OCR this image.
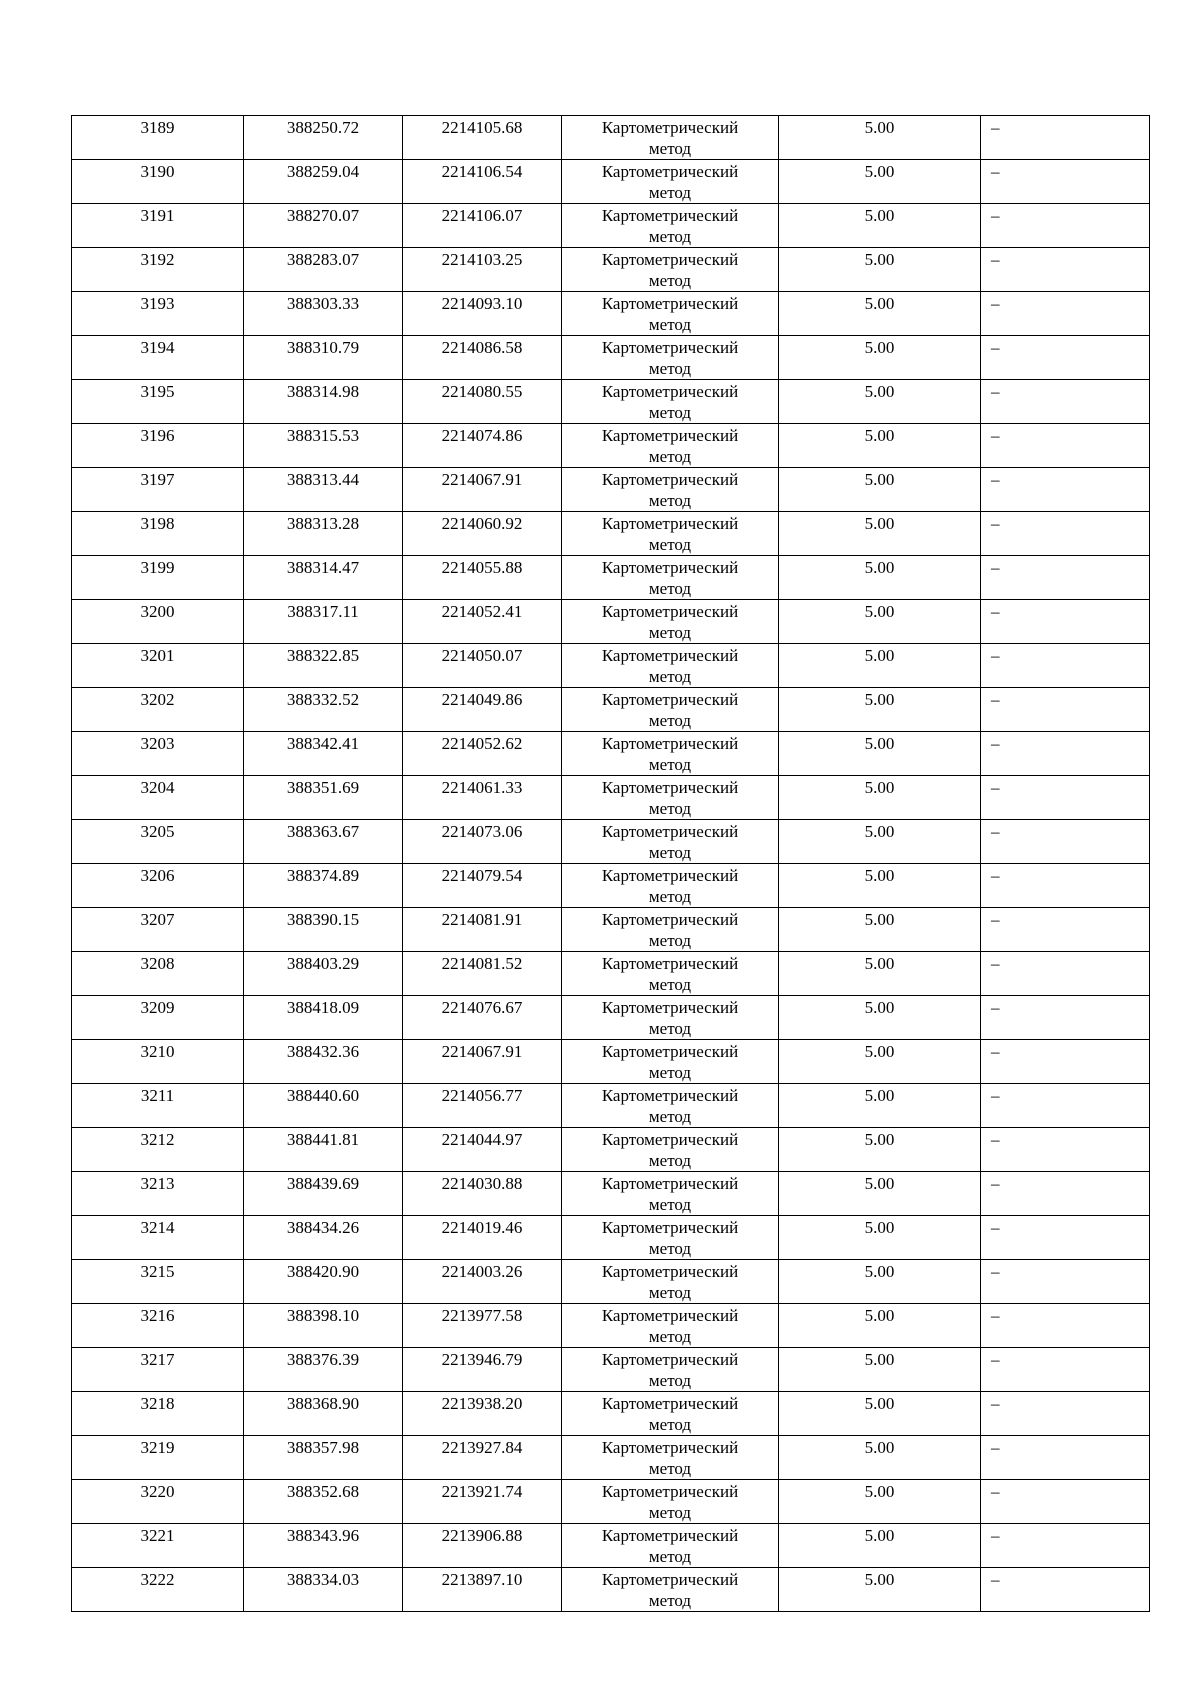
3189	388250.72	2214105.68	Картометрический метод	5.00	–

3190	388259.04	2214106.54	Картометрический метод	5.00	–

3191	388270.07	2214106.07	Картометрический метод	5.00	–

3192	388283.07	2214103.25	Картометрический метод	5.00	–

3193	388303.33	2214093.10	Картометрический метод	5.00	–

3194	388310.79	2214086.58	Картометрический метод	5.00	–

3195	388314.98	2214080.55	Картометрический метод	5.00	–

3196	388315.53	2214074.86	Картометрический метод	5.00	–

3197	388313.44	2214067.91	Картометрический метод	5.00	–

3198	388313.28	2214060.92	Картометрический метод	5.00	–

3199	388314.47	2214055.88	Картометрический метод	5.00	–

3200	388317.11	2214052.41	Картометрический метод	5.00	–

3201	388322.85	2214050.07	Картометрический метод	5.00	–

3202	388332.52	2214049.86	Картометрический метод	5.00	–

3203	388342.41	2214052.62	Картометрический метод	5.00	–

3204	388351.69	2214061.33	Картометрический метод	5.00	–

3205	388363.67	2214073.06	Картометрический метод	5.00	–

3206	388374.89	2214079.54	Картометрический метод	5.00	–

3207	388390.15	2214081.91	Картометрический метод	5.00	–

3208	388403.29	2214081.52	Картометрический метод	5.00	–

3209	388418.09	2214076.67	Картометрический метод	5.00	–

3210	388432.36	2214067.91	Картометрический метод	5.00	–

3211	388440.60	2214056.77	Картометрический метод	5.00	–

3212	388441.81	2214044.97	Картометрический метод	5.00	–

3213	388439.69	2214030.88	Картометрический метод	5.00	–

3214	388434.26	2214019.46	Картометрический метод	5.00	–

3215	388420.90	2214003.26	Картометрический метод	5.00	–

3216	388398.10	2213977.58	Картометрический метод	5.00	–

3217	388376.39	2213946.79	Картометрический метод	5.00	–

3218	388368.90	2213938.20	Картометрический метод	5.00	–

3219	388357.98	2213927.84	Картометрический метод	5.00	–

3220	388352.68	2213921.74	Картометрический метод	5.00	–

3221	388343.96	2213906.88	Картометрический метод	5.00	–

3222	388334.03	2213897.10	Картометрический метод	5.00	–
